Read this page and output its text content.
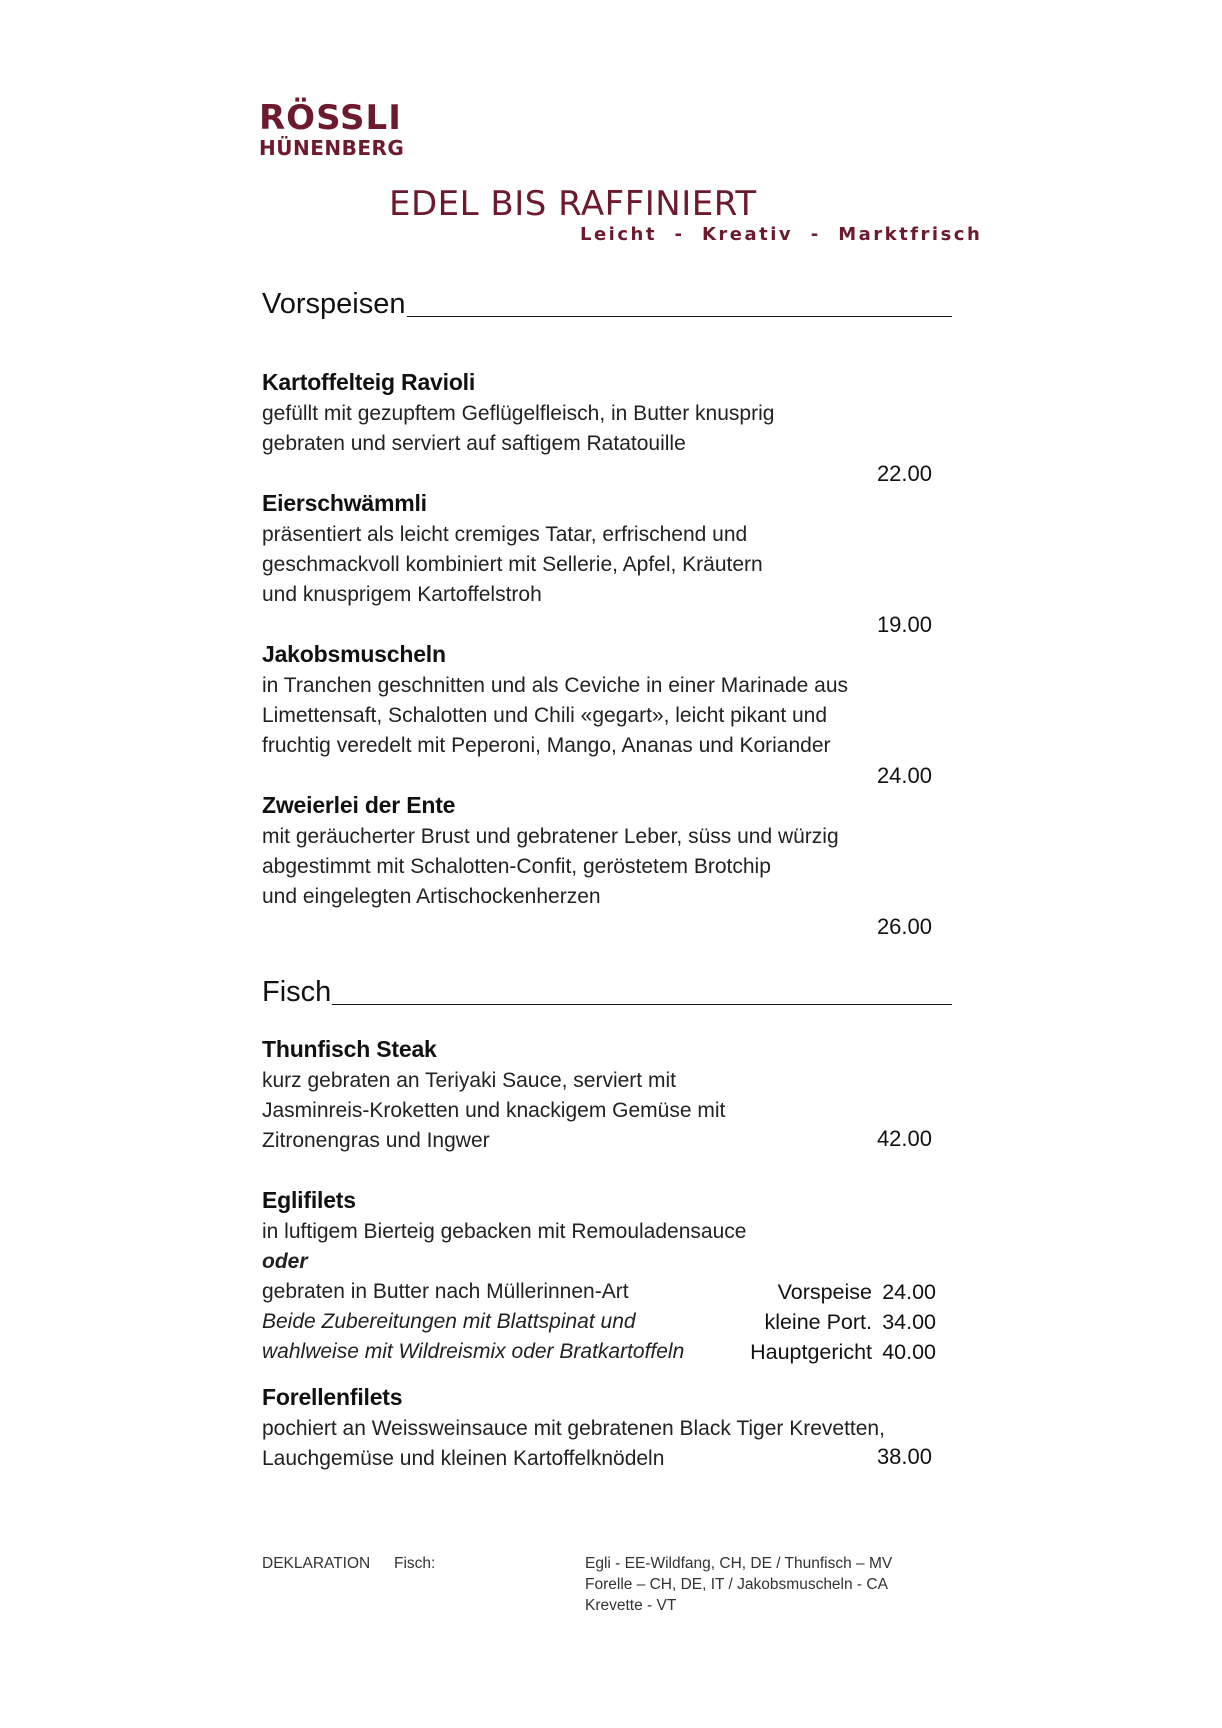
RÖSSLI
HÜNENBERG
EDEL BIS RAFFINIERT
Leicht  -  Kreativ  -  Marktfrisch
Vorspeisen
Kartoffelteig Ravioli
gefüllt mit gezupftem Geflügelfleisch, in Butter knusprig
gebraten und serviert auf saftigem Ratatouille
22.00
Eierschwämmli
präsentiert als leicht cremiges Tatar, erfrischend und
geschmackvoll kombiniert mit Sellerie, Apfel, Kräutern
und knusprigem Kartoffelstroh
19.00
Jakobsmuscheln
in Tranchen geschnitten und als Ceviche in einer Marinade aus
Limettensaft, Schalotten und Chili «gegart», leicht pikant und
fruchtig veredelt mit Peperoni, Mango, Ananas und Koriander
24.00
Zweierlei der Ente
mit geräucherter Brust und gebratener Leber, süss und würzig
abgestimmt mit Schalotten-Confit, geröstetem Brotchip
und eingelegten Artischockenherzen
26.00
Fisch
Thunfisch Steak
kurz gebraten an Teriyaki Sauce, serviert mit
Jasminreis-Kroketten und knackigem Gemüse mit
Zitronengras und Ingwer	42.00
Eglifilets
in luftigem Bierteig gebacken mit Remouladensauce
oder
gebraten in Butter nach Müllerinnen-Art
Beide Zubereitungen mit Blattspinat und
wahlweise mit Wildreismix oder Bratkartoffeln
Vorspeise 24.00
kleine Port. 34.00
Hauptgericht 40.00
Forellenfilets
pochiert an Weissweinsauce mit gebratenen Black Tiger Krevetten,
Lauchgemüse und kleinen Kartoffelknödeln	38.00
DEKLARATION Fisch:	Egli - EE-Wildfang, CH, DE / Thunfisch – MV
Forelle – CH, DE, IT / Jakobsmuscheln - CA
Krevette - VT
